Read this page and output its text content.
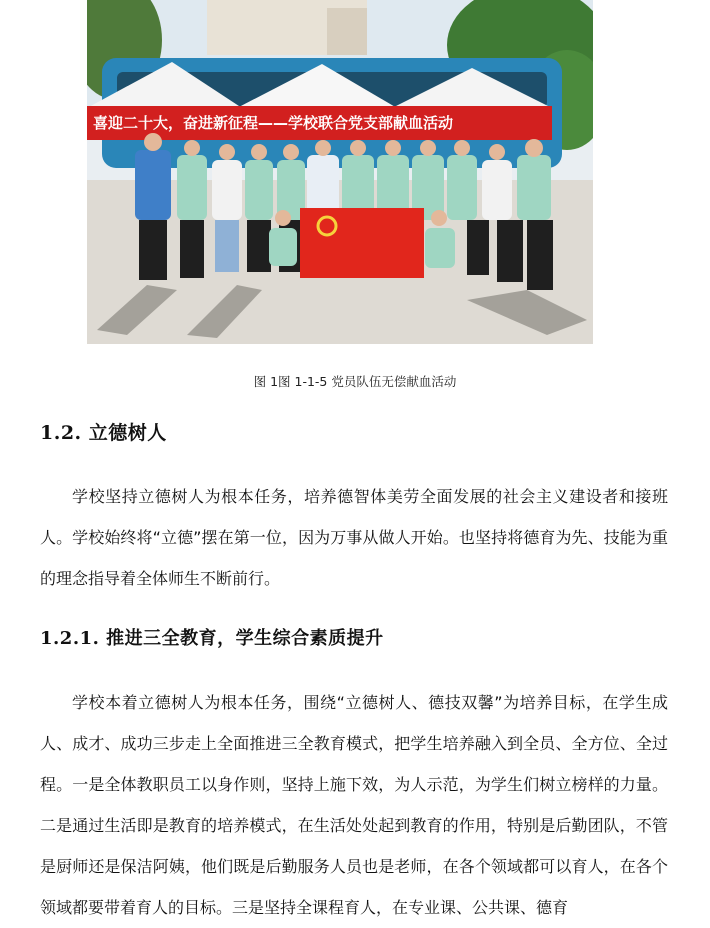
喜迎二十大，奋进新征程——学校联合党支部献血活动
图 1图 1-1-5 党员队伍无偿献血活动
1.2. 立德树人

学校坚持立德树人为根本任务，培养德智体美劳全面发展的社会主义建设者和接班人。学校始终将“立德”摆在第一位，因为万事从做人开始。也坚持将德育为先、技能为重的理念指导着全体师生不断前行。

1.2.1. 推进三全教育，学生综合素质提升

学校本着立德树人为根本任务，围绕“立德树人、德技双馨”为培养目标，在学生成人、成才、成功三步走上全面推进三全教育模式，把学生培养融入到全员、全方位、全过程。一是全体教职员工以身作则，坚持上施下效，为人示范，为学生们树立榜样的力量。二是通过生活即是教育的培养模式，在生活处处起到教育的作用，特别是后勤团队，不管是厨师还是保洁阿姨，他们既是后勤服务人员也是老师，在各个领域都可以育人，在各个领域都要带着育人的目标。三是坚持全课程育人，在专业课、公共课、德育
